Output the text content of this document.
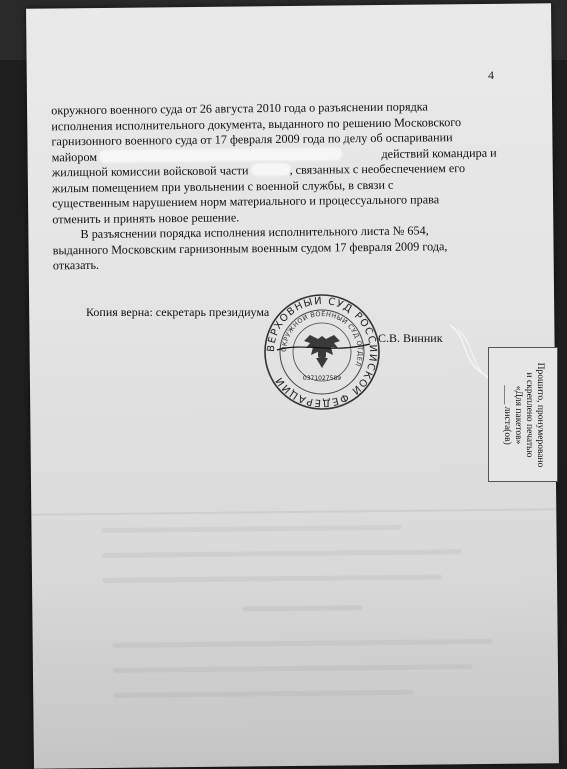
4

окружного военного суда от 26 августа 2010 года о разъяснении порядка

исполнения исполнительного документа, выданного по решению Московского

гарнизонного военного суда от 17 февраля 2009 года по делу об оспаривании

майором	действий командира и

жилищной комиссии войсковой части	, связанных с необеспечением его

жилым помещением при увольнении с военной службы, в связи с

существенным нарушением норм материального и процессуального права

отменить и принять новое решение.

В разъяснении порядка исполнения исполнительного листа № 654,

выданного Московским гарнизонным военным судом 17 февраля 2009 года,

отказать.

Копия верна: секретарь президиума
С.В. Винник
ВЕРХОВНЫЙ СУД РОССИЙСКОЙ ФЕДЕРАЦИИ
ОКРУЖНОЙ ВОЕННЫЙ СУД ОТДЕЛ
0371027589	Прошито, пронумеровано
и скреплено печатью
«Для пакетов»
____ листа(ов)
